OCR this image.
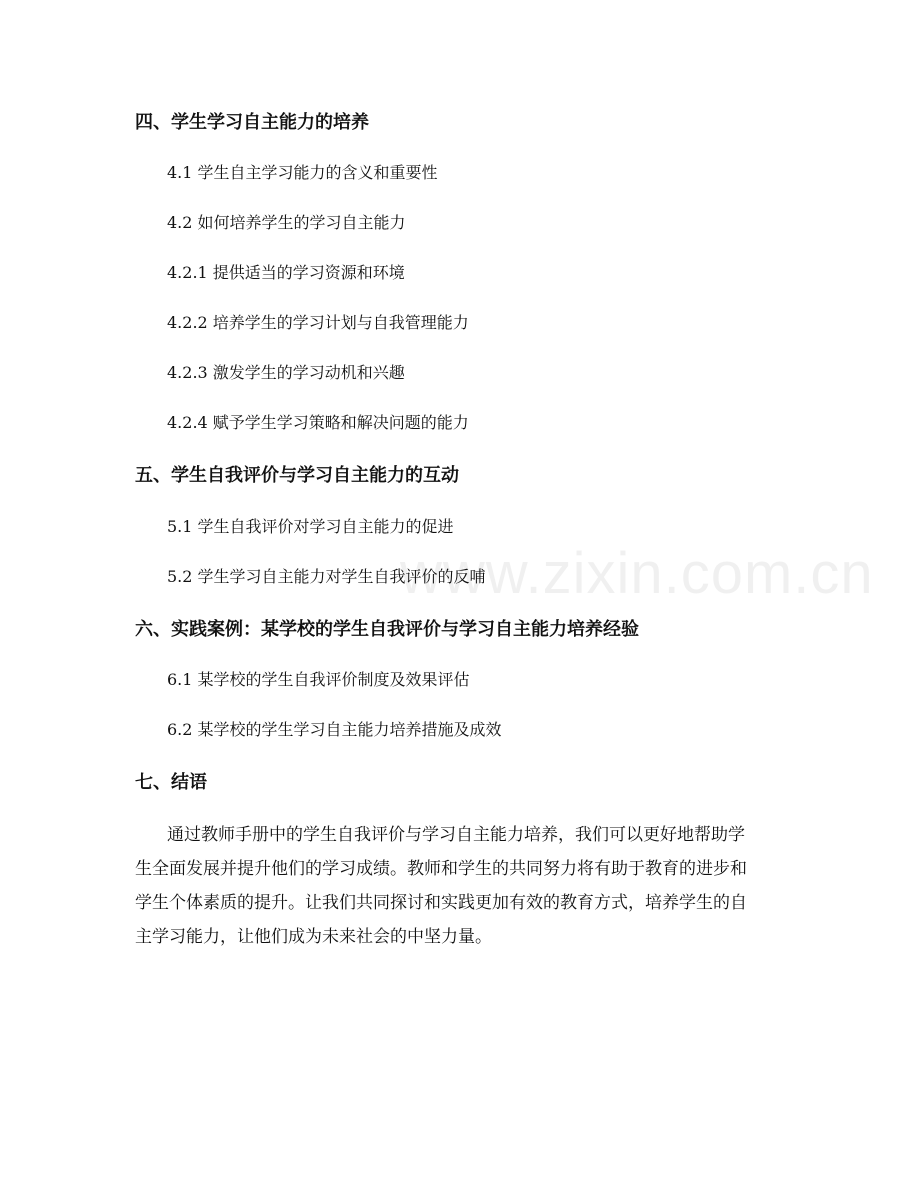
www.zixin.com.cn
四、学生学习自主能力的培养
4.1 学生自主学习能力的含义和重要性
4.2 如何培养学生的学习自主能力
4.2.1 提供适当的学习资源和环境
4.2.2 培养学生的学习计划与自我管理能力
4.2.3 激发学生的学习动机和兴趣
4.2.4 赋予学生学习策略和解决问题的能力
五、学生自我评价与学习自主能力的互动
5.1 学生自我评价对学习自主能力的促进
5.2 学生学习自主能力对学生自我评价的反哺
六、实践案例：某学校的学生自我评价与学习自主能力培养经验
6.1 某学校的学生自我评价制度及效果评估
6.2 某学校的学生学习自主能力培养措施及成效
七、结语

通过教师手册中的学生自我评价与学习自主能力培养，我们可以更好地帮助学
生全面发展并提升他们的学习成绩。教师和学生的共同努力将有助于教育的进步和
学生个体素质的提升。让我们共同探讨和实践更加有效的教育方式，培养学生的自
主学习能力，让他们成为未来社会的中坚力量。
